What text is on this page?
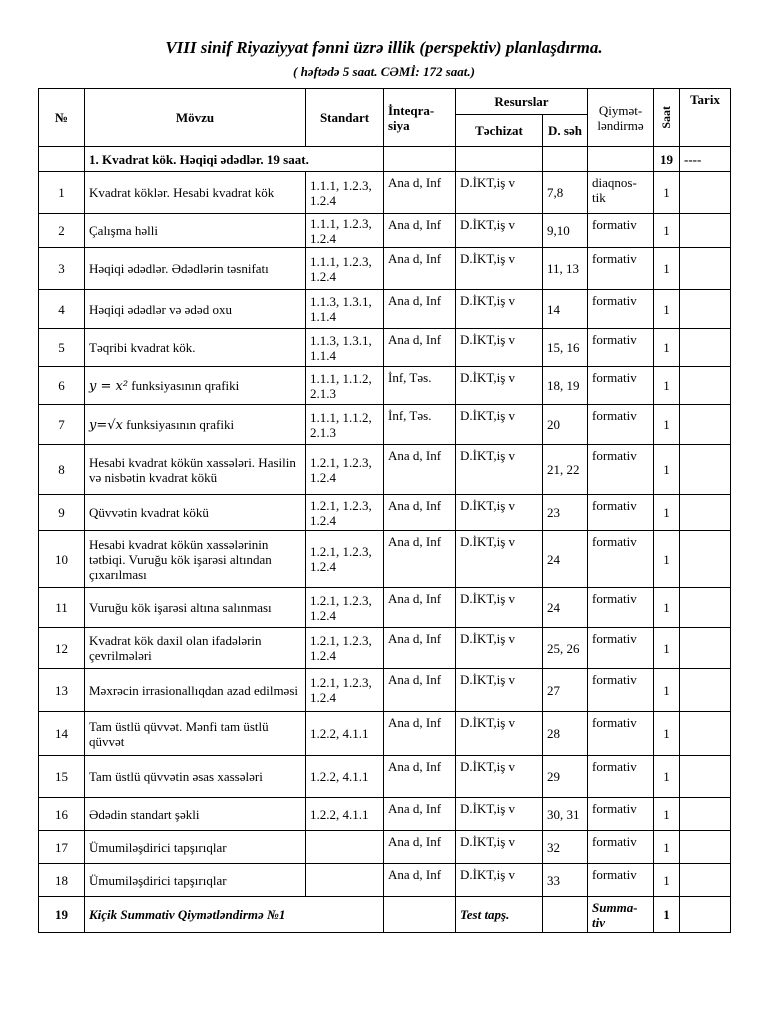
VIII sinif Riyaziyyat fənni üzrə illik (perspektiv) planlaşdırma.
( həftədə 5 saat. CƏMİ: 172 saat.)
№	Mövzu	Standart	İnteqra-siya	Resurslar		Qiymət-ləndirmə	Saat	Tarix
				Təchizat	D. səh			
	1. Kvadrat kök. Həqiqi ədədlər. 19 saat.						19	----
1	Kvadrat köklər. Hesabi kvadrat kök	1.1.1, 1.2.3, 1.2.4	Ana d, Inf	D.İKT,iş v	7,8	diaqnos-tik	1	
2	Çalışma həlli	1.1.1, 1.2.3, 1.2.4	Ana d, Inf	D.İKT,iş v	9,10	formativ	1	
3	Həqiqi ədədlər. Ədədlərin təsnifatı	1.1.1, 1.2.3, 1.2.4	Ana d, Inf	D.İKT,iş v	11, 13	formativ	1	
4	Həqiqi ədədlər və ədəd oxu	1.1.3, 1.3.1, 1.1.4	Ana d, Inf	D.İKT,iş v	14	formativ	1	
5	Təqribi kvadrat kök.	1.1.3, 1.3.1, 1.1.4	Ana d, Inf	D.İKT,iş v	15, 16	formativ	1	
6	y = x² funksiyasının qrafiki	1.1.1, 1.1.2, 2.1.3	İnf, Təs.	D.İKT,iş v	18, 19	formativ	1	
7	y=√x funksiyasının qrafiki	1.1.1, 1.1.2, 2.1.3	İnf, Təs.	D.İKT,iş v	20	formativ	1	
8	Hesabi kvadrat kökün xassələri. Hasilin və nisbətin kvadrat kökü	1.2.1, 1.2.3, 1.2.4	Ana d, Inf	D.İKT,iş v	21, 22	formativ	1	
9	Qüvvətin kvadrat kökü	1.2.1, 1.2.3, 1.2.4	Ana d, Inf	D.İKT,iş v	23	formativ	1	
10	Hesabi kvadrat kökün xassələrinin tətbiqi. Vuruğu kök işarəsi altından çıxarılması	1.2.1, 1.2.3, 1.2.4	Ana d, Inf	D.İKT,iş v	24	formativ	1	
11	Vuruğu kök işarəsi altına salınması	1.2.1, 1.2.3, 1.2.4	Ana d, Inf	D.İKT,iş v	24	formativ	1	
12	Kvadrat kök daxil olan ifadələrin çevrilmələri	1.2.1, 1.2.3, 1.2.4	Ana d, Inf	D.İKT,iş v	25, 26	formativ	1	
13	Məxrəcin irrasionallıqdan azad edilməsi	1.2.1, 1.2.3, 1.2.4	Ana d, Inf	D.İKT,iş v	27	formativ	1	
14	Tam üstlü qüvvət. Mənfi tam üstlü qüvvət	1.2.2, 4.1.1	Ana d, Inf	D.İKT,iş v	28	formativ	1	
15	Tam üstlü qüvvətin əsas xassələri	1.2.2, 4.1.1	Ana d, Inf	D.İKT,iş v	29	formativ	1	
16	Ədədin standart şəkli	1.2.2, 4.1.1	Ana d, Inf	D.İKT,iş v	30, 31	formativ	1	
17	Ümumiləşdirici tapşırıqlar		Ana d, Inf	D.İKT,iş v	32	formativ	1	
18	Ümumiləşdirici tapşırıqlar		Ana d, Inf	D.İKT,iş v	33	formativ	1	
19	Kiçik Summativ Qiymətləndirmə №1			Test tapş.		Summa-tiv	1	
